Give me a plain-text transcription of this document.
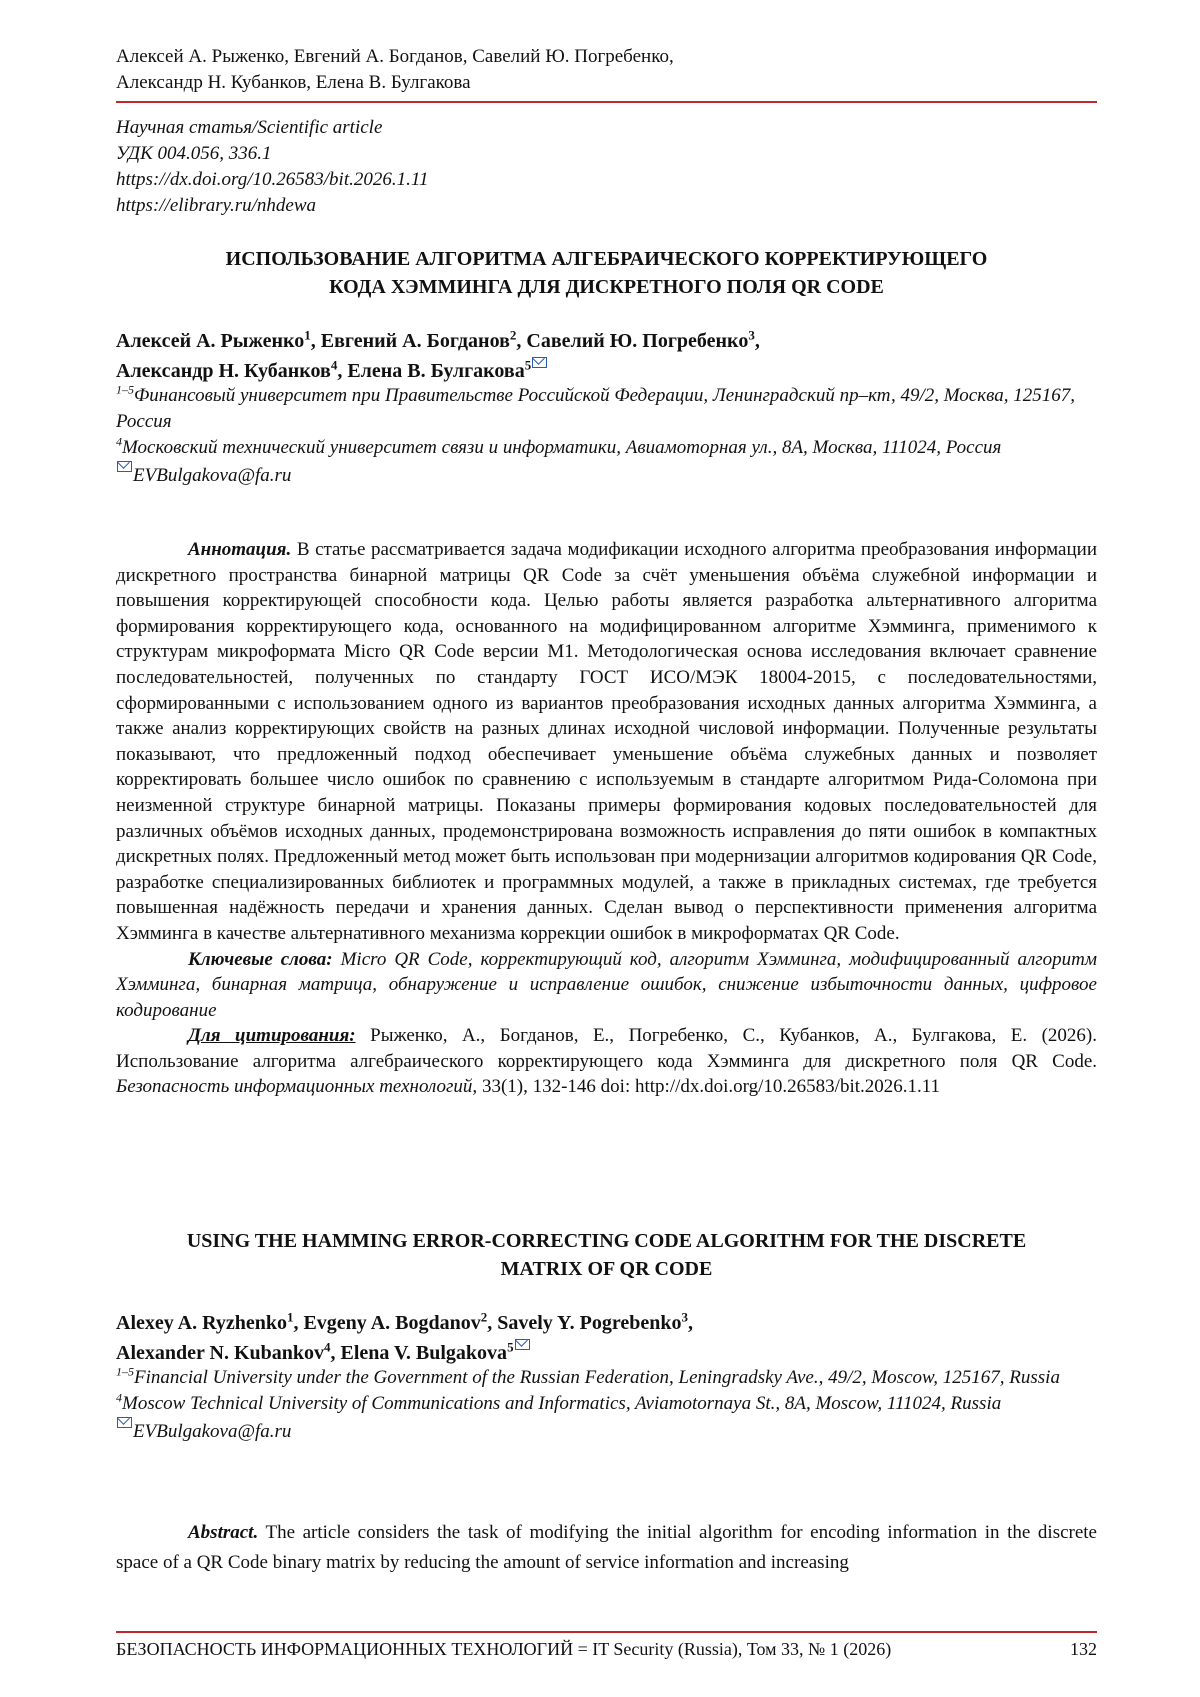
Алексей А. Рыженко, Евгений А. Богданов, Савелий Ю. Погребенко,
Александр Н. Кубанков, Елена В. Булгакова
Научная статья/Scientific article
УДК 004.056, 336.1
https://dx.doi.org/10.26583/bit.2026.1.11
https://elibrary.ru/nhdewa
ИСПОЛЬЗОВАНИЕ АЛГОРИТМА АЛГЕБРАИЧЕСКОГО КОРРЕКТИРУЮЩЕГО
КОДА ХЭММИНГА ДЛЯ ДИСКРЕТНОГО ПОЛЯ QR CODE
Алексей А. Рыженко$^1$, Евгений А. Богданов$^2$, Савелий Ю. Погребенко$^3$,
Александр Н. Кубанков$^4$, Елена В. Булгакова$^5$
$^{1-5}$Финансовый университет при Правительстве Российской Федерации, Ленинградский пр–кт, 49/2, Москва, 125167, Россия
$^4$Московский технический университет связи и информатики, Авиамоторная ул., 8А, Москва, 111024, Россия
EVBulgakova@fa.ru

Аннотация. В статье рассматривается задача модификации исходного алгоритма преобразования информации дискретного пространства бинарной матрицы QR Code за счёт уменьшения объёма служебной информации и повышения корректирующей способности кода. Целью работы является разработка альтернативного алгоритма формирования корректирующего кода, основанного на модифицированном алгоритме Хэмминга, применимого к структурам микроформата Micro QR Code версии M1. Методологическая основа исследования включает сравнение последовательностей, полученных по стандарту ГОСТ ИСО/МЭК 18004-2015, с последовательностями, сформированными с использованием одного из вариантов преобразования исходных данных алгоритма Хэмминга, а также анализ корректирующих свойств на разных длинах исходной числовой информации. Полученные результаты показывают, что предложенный подход обеспечивает уменьшение объёма служебных данных и позволяет корректировать большее число ошибок по сравнению с используемым в стандарте алгоритмом Рида-Соломона при неизменной структуре бинарной матрицы. Показаны примеры формирования кодовых последовательностей для различных объёмов исходных данных, продемонстрирована возможность исправления до пяти ошибок в компактных дискретных полях. Предложенный метод может быть использован при модернизации алгоритмов кодирования QR Code, разработке специализированных библиотек и программных модулей, а также в прикладных системах, где требуется повышенная надёжность передачи и хранения данных. Сделан вывод о перспективности применения алгоритма Хэмминга в качестве альтернативного механизма коррекции ошибок в микроформатах QR Code.

Ключевые слова: Micro QR Code, корректирующий код, алгоритм Хэмминга, модифицированный алгоритм Хэмминга, бинарная матрица, обнаружение и исправление ошибок, снижение избыточности данных, цифровое кодирование

Для цитирования: Рыженко, А., Богданов, Е., Погребенко, С., Кубанков, А., Булгакова, Е. (2026). Использование алгоритма алгебраического корректирующего кода Хэмминга для дискретного поля QR Code. Безопасность информационных технологий, 33(1), 132-146 doi: http://dx.doi.org/10.26583/bit.2026.1.11

USING THE HAMMING ERROR-CORRECTING CODE ALGORITHM FOR THE DISCRETE
MATRIX OF QR CODE
Alexey A. Ryzhenko$^1$, Evgeny A. Bogdanov$^2$, Savely Y. Pogrebenko$^3$,
Alexander N. Kubankov$^4$, Elena V. Bulgakova$^5$
$^{1-5}$Financial University under the Government of the Russian Federation, Leningradsky Ave., 49/2, Moscow, 125167, Russia
$^4$Moscow Technical University of Communications and Informatics, Aviamotornaya St., 8A, Moscow, 111024, Russia
EVBulgakova@fa.ru

Abstract. The article considers the task of modifying the initial algorithm for encoding information in the discrete space of a QR Code binary matrix by reducing the amount of service information and increasing

БЕЗОПАСНОСТЬ ИНФОРМАЦИОННЫХ ТЕХНОЛОГИЙ = IT Security (Russia), Том 33, № 1 (2026)	132
